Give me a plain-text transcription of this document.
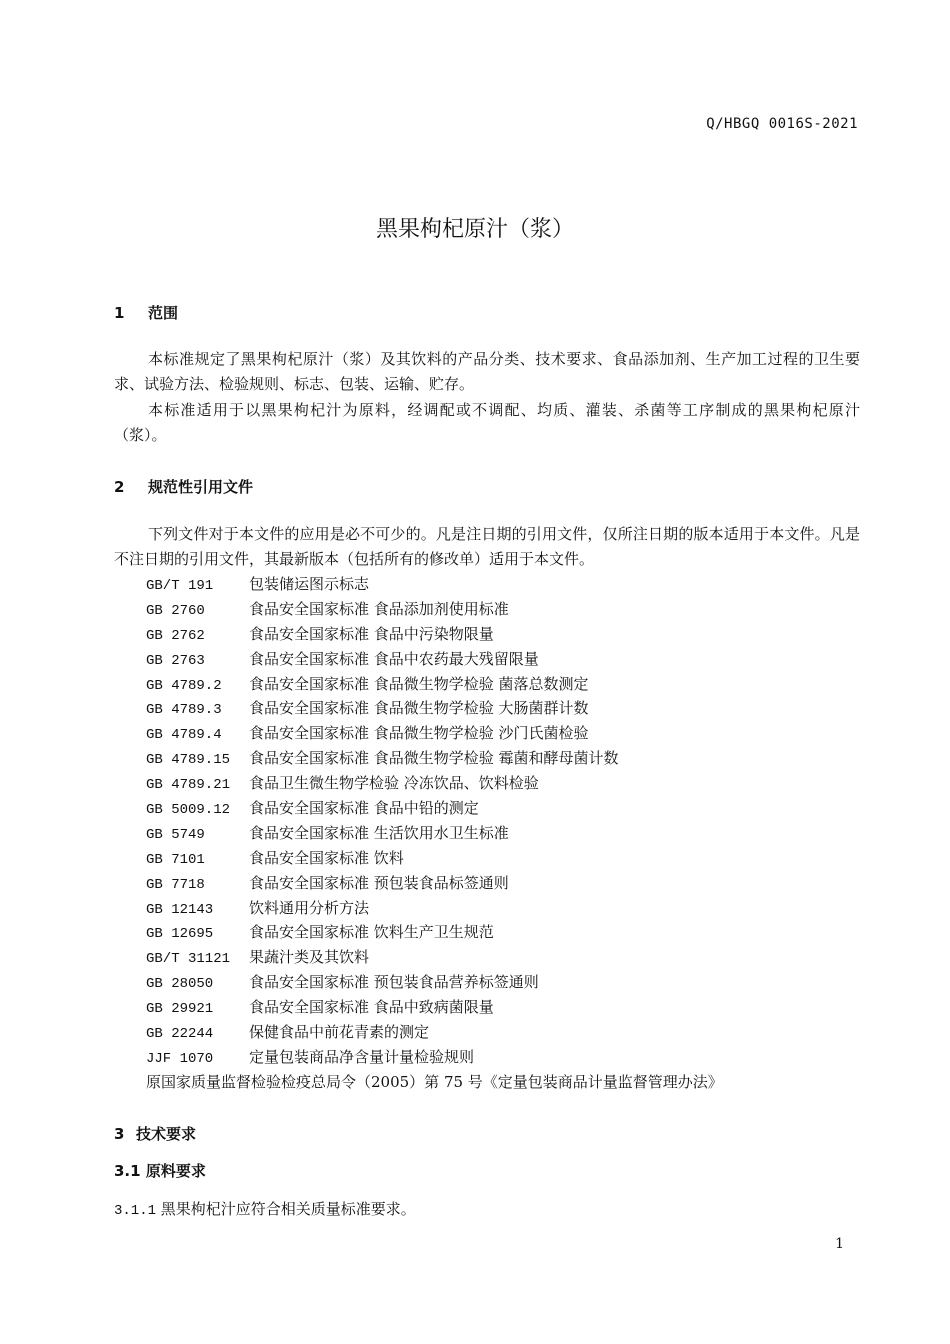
Q/HBGQ 0016S-2021
黑果枸杞原汁（浆）
1 范围
本标准规定了黑果枸杞原汁（浆）及其饮料的产品分类、技术要求、食品添加剂、生产加工过程的卫生要求、试验方法、检验规则、标志、包装、运输、贮存。
本标准适用于以黑果枸杞汁为原料，经调配或不调配、均质、灌装、杀菌等工序制成的黑果枸杞原汁（浆）。
2 规范性引用文件
下列文件对于本文件的应用是必不可少的。凡是注日期的引用文件，仅所注日期的版本适用于本文件。凡是不注日期的引用文件，其最新版本（包括所有的修改单）适用于本文件。
GB/T 191 包装储运图示标志
GB 2760	食品安全国家标准 食品添加剂使用标准
GB 2762	食品安全国家标准 食品中污染物限量
GB 2763	食品安全国家标准 食品中农药最大残留限量
GB 4789.2 食品安全国家标准 食品微生物学检验 菌落总数测定
GB 4789.3 食品安全国家标准 食品微生物学检验 大肠菌群计数
GB 4789.4 食品安全国家标准 食品微生物学检验 沙门氏菌检验
GB 4789.15 食品安全国家标准 食品微生物学检验 霉菌和酵母菌计数
GB 4789.21 食品卫生微生物学检验 冷冻饮品、饮料检验
GB 5009.12 食品安全国家标准 食品中铅的测定
GB 5749	食品安全国家标准 生活饮用水卫生标准
GB 7101	食品安全国家标准 饮料
GB 7718	食品安全国家标准 预包装食品标签通则
GB 12143 饮料通用分析方法
GB 12695 食品安全国家标准 饮料生产卫生规范
GB/T 31121 果蔬汁类及其饮料
GB 28050 食品安全国家标准 预包装食品营养标签通则
GB 29921 食品安全国家标准 食品中致病菌限量
GB 22244 保健食品中前花青素的测定
JJF 1070 定量包装商品净含量计量检验规则
原国家质量监督检验检疫总局令（2005）第 75 号《定量包装商品计量监督管理办法》
3 技术要求
3.1 原料要求
3.1.1 黑果枸杞汁应符合相关质量标准要求。
1
